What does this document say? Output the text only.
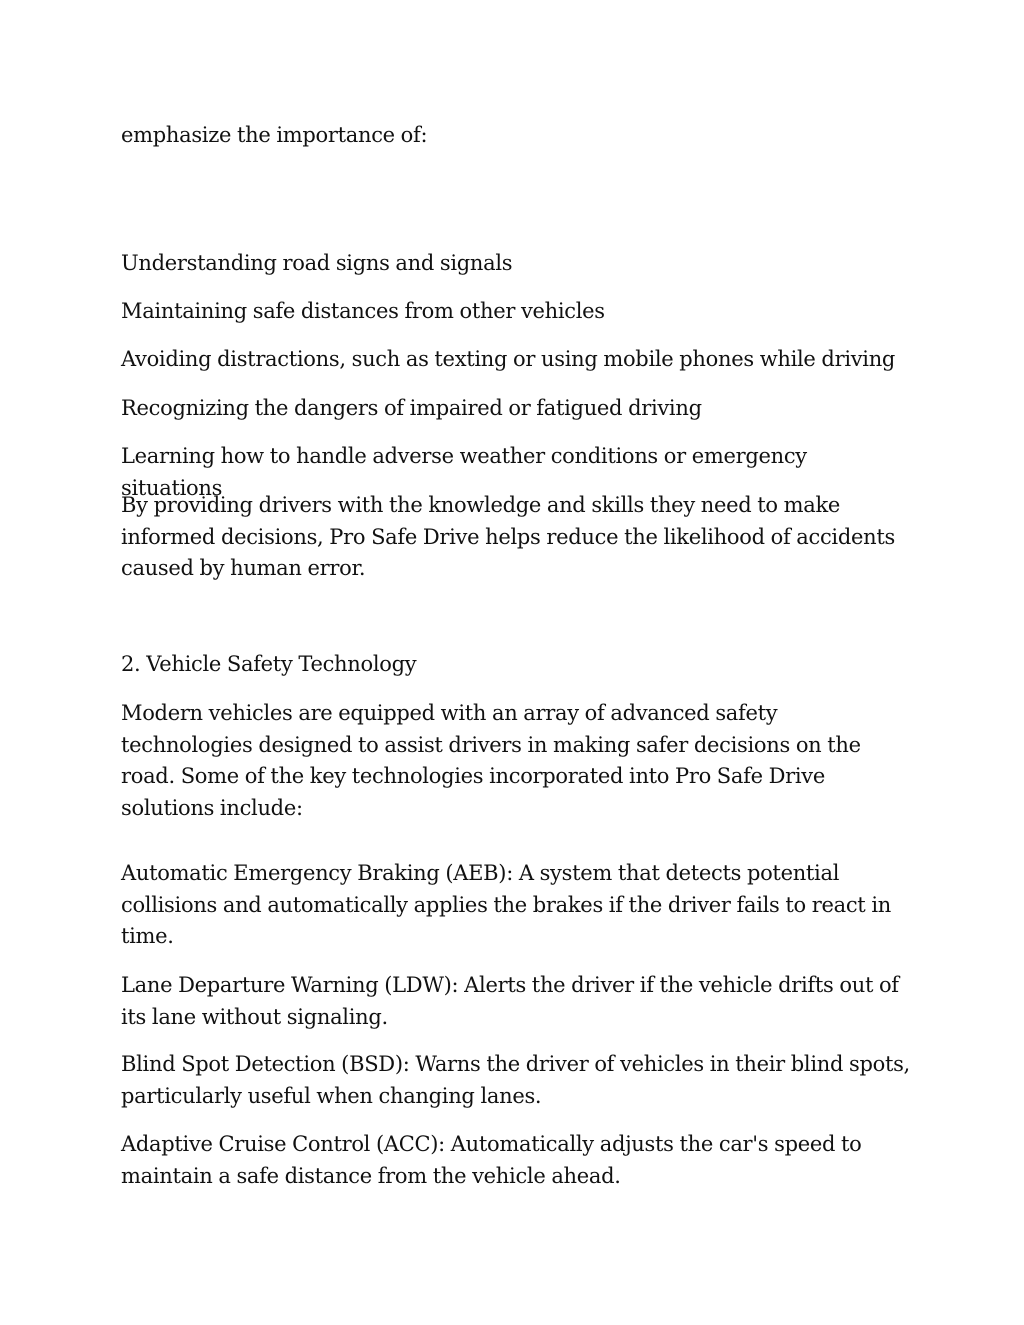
emphasize the importance of:

Understanding road signs and signals

Maintaining safe distances from other vehicles

Avoiding distractions, such as texting or using mobile phones while driving

Recognizing the dangers of impaired or fatigued driving

Learning how to handle adverse weather conditions or emergency situations

By providing drivers with the knowledge and skills they need to make informed decisions, Pro Safe Drive helps reduce the likelihood of accidents caused by human error.

2. Vehicle Safety Technology

Modern vehicles are equipped with an array of advanced safety technologies designed to assist drivers in making safer decisions on the road. Some of the key technologies incorporated into Pro Safe Drive solutions include:

Automatic Emergency Braking (AEB): A system that detects potential collisions and automatically applies the brakes if the driver fails to react in time.

Lane Departure Warning (LDW): Alerts the driver if the vehicle drifts out of its lane without signaling.

Blind Spot Detection (BSD): Warns the driver of vehicles in their blind spots, particularly useful when changing lanes.

Adaptive Cruise Control (ACC): Automatically adjusts the car's speed to maintain a safe distance from the vehicle ahead.
